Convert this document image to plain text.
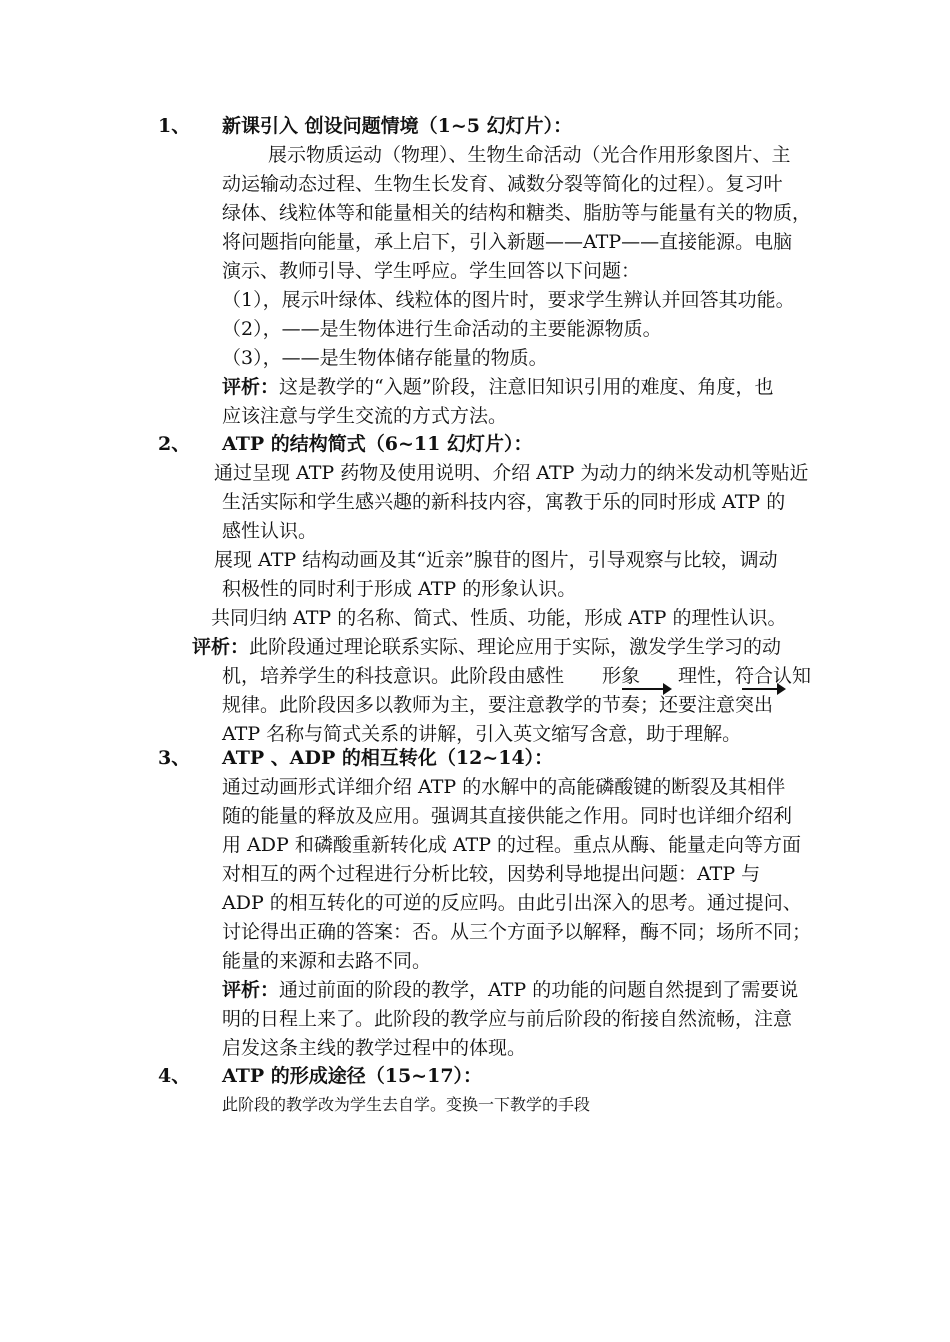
1、 新课引入 创设问题情境（1~5 幻灯片）：
展示物质运动（物理）、生物生命活动（光合作用形象图片、主
动运输动态过程、生物生长发育、减数分裂等简化的过程）。复习叶
绿体、线粒体等和能量相关的结构和糖类、脂肪等与能量有关的物质，
将问题指向能量，承上启下，引入新题——ATP——直接能源。电脑
演示、教师引导、学生呼应。学生回答以下问题：
（1），展示叶绿体、线粒体的图片时，要求学生辨认并回答其功能。
（2），——是生物体进行生命活动的主要能源物质。
（3），——是生物体储存能量的物质。
评析：这是教学的“入题”阶段，注意旧知识引用的难度、角度，也
应该注意与学生交流的方式方法。
2、 ATP 的结构简式（6~11 幻灯片）：
通过呈现 ATP 药物及使用说明、介绍 ATP 为动力的纳米发动机等贴近
生活实际和学生感兴趣的新科技内容，寓教于乐的同时形成 ATP 的
感性认识。
展现 ATP 结构动画及其“近亲”腺苷的图片，引导观察与比较，调动
积极性的同时利于形成 ATP 的形象认识。
共同归纳 ATP 的名称、简式、性质、功能，形成 ATP 的理性认识。
评析：此阶段通过理论联系实际、理论应用于实际，激发学生学习的动
机，培养学生的科技意识。此阶段由感性　　形象　　理性，符合认知
规律。此阶段因多以教师为主，要注意教学的节奏；还要注意突出
ATP 名称与简式关系的讲解，引入英文缩写含意，助于理解。
3、 ATP 、ADP 的相互转化（12~14）：
通过动画形式详细介绍 ATP 的水解中的高能磷酸键的断裂及其相伴
随的能量的释放及应用。强调其直接供能之作用。同时也详细介绍利
用 ADP 和磷酸重新转化成 ATP 的过程。重点从酶、能量走向等方面
对相互的两个过程进行分析比较，因势利导地提出问题：ATP 与
ADP 的相互转化的可逆的反应吗。由此引出深入的思考。通过提问、
讨论得出正确的答案：否。从三个方面予以解释，酶不同；场所不同；
能量的来源和去路不同。
评析：通过前面的阶段的教学，ATP 的功能的问题自然提到了需要说
明的日程上来了。此阶段的教学应与前后阶段的衔接自然流畅，注意
启发这条主线的教学过程中的体现。
4、 ATP 的形成途径（15~17）：
此阶段的教学改为学生去自学。变换一下教学的手段
